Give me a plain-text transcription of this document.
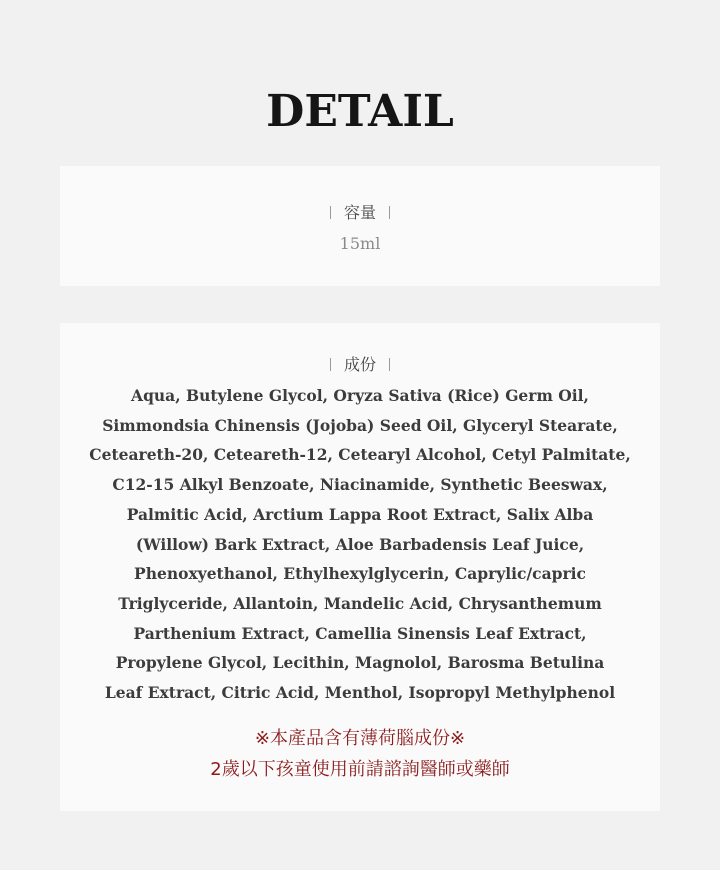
DETAIL
容量
15ml
成份
Aqua, Butylene Glycol, Oryza Sativa (Rice) Germ Oil,
Simmondsia Chinensis (Jojoba) Seed Oil, Glyceryl Stearate,
Ceteareth-20, Ceteareth-12, Cetearyl Alcohol, Cetyl Palmitate,
C12-15 Alkyl Benzoate, Niacinamide, Synthetic Beeswax,
Palmitic Acid, Arctium Lappa Root Extract, Salix Alba
(Willow) Bark Extract, Aloe Barbadensis Leaf Juice,
Phenoxyethanol, Ethylhexylglycerin, Caprylic/capric
Triglyceride, Allantoin, Mandelic Acid, Chrysanthemum
Parthenium Extract, Camellia Sinensis Leaf Extract,
Propylene Glycol, Lecithin, Magnolol, Barosma Betulina
Leaf Extract, Citric Acid, Menthol, Isopropyl Methylphenol
※本產品含有薄荷腦成份※
2歲以下孩童使用前請諮詢醫師或藥師
